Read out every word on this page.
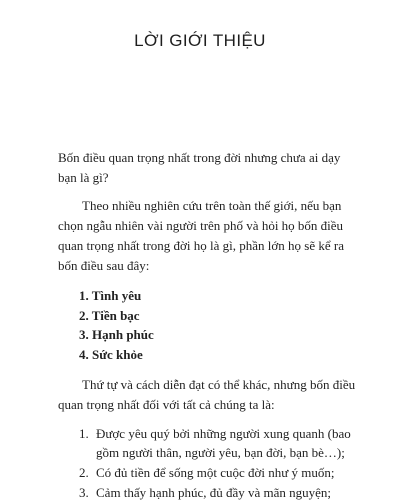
LỜI GIỚI THIỆU

Bốn điều quan trọng nhất trong đời nhưng chưa ai dạy bạn là gì?

Theo nhiều nghiên cứu trên toàn thế giới, nếu bạn chọn ngẫu nhiên vài người trên phố và hỏi họ bốn điều quan trọng nhất trong đời họ là gì, phần lớn họ sẽ kể ra bốn điều sau đây:

1. Tình yêu
2. Tiền bạc
3. Hạnh phúc
4. Sức khỏe

Thứ tự và cách diễn đạt có thể khác, nhưng bốn điều quan trọng nhất đối với tất cả chúng ta là:

1. Được yêu quý bởi những người xung quanh (bao gồm người thân, người yêu, bạn đời, bạn bè…);
2. Có đủ tiền để sống một cuộc đời như ý muốn;
3. Cảm thấy hạnh phúc, đủ đầy và mãn nguyện;
